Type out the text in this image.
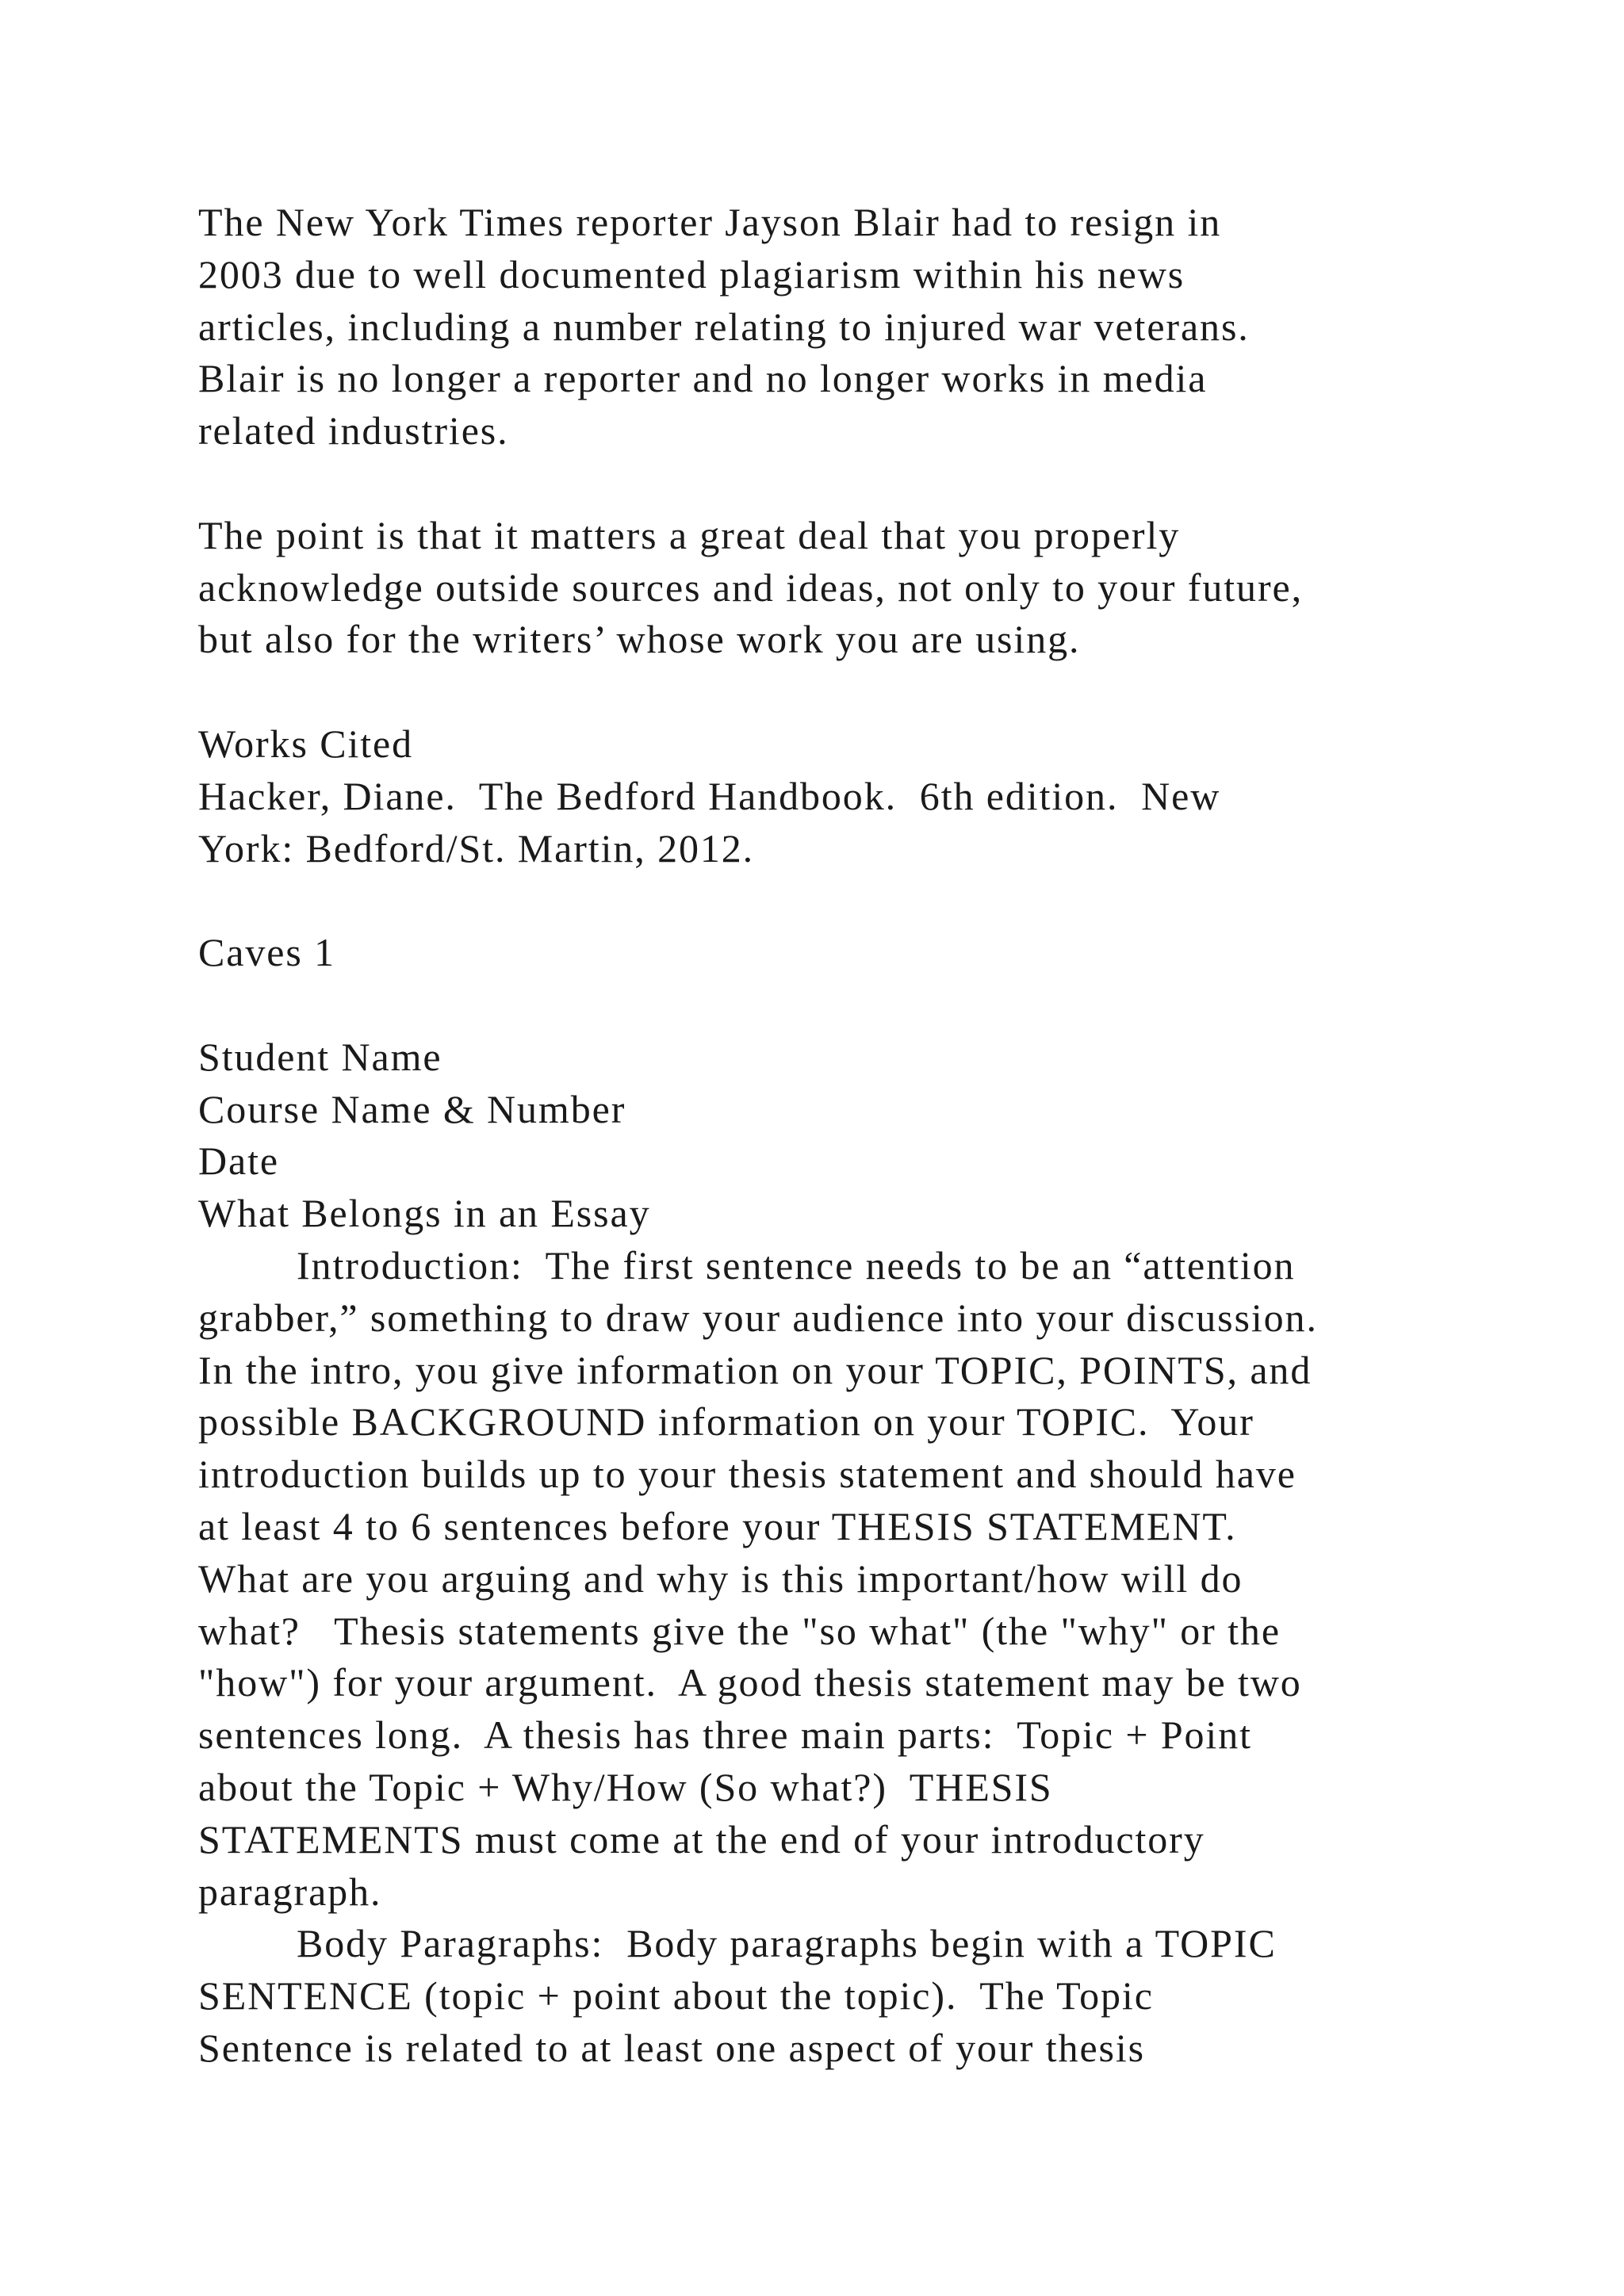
The New York Times reporter Jayson Blair had to resign in
2003 due to well documented plagiarism within his news
articles, including a number relating to injured war veterans.
Blair is no longer a reporter and no longer works in media
related industries.
The point is that it matters a great deal that you properly
acknowledge outside sources and ideas, not only to your future,
but also for the writers’ whose work you are using.
Works Cited
Hacker, Diane.  The Bedford Handbook.  6th edition.  New
York: Bedford/St. Martin, 2012.
Caves 1
Student Name
Course Name & Number
Date
What Belongs in an Essay
Introduction:  The first sentence needs to be an “attention
grabber,” something to draw your audience into your discussion.
In the intro, you give information on your TOPIC, POINTS, and
possible BACKGROUND information on your TOPIC.  Your
introduction builds up to your thesis statement and should have
at least 4 to 6 sentences before your THESIS STATEMENT.
What are you arguing and why is this important/how will do
what?   Thesis statements give the "so what" (the "why" or the
"how") for your argument.  A good thesis statement may be two
sentences long.  A thesis has three main parts:  Topic + Point
about the Topic + Why/How (So what?)  THESIS
STATEMENTS must come at the end of your introductory
paragraph.
Body Paragraphs:  Body paragraphs begin with a TOPIC
SENTENCE (topic + point about the topic).  The Topic
Sentence is related to at least one aspect of your thesis
